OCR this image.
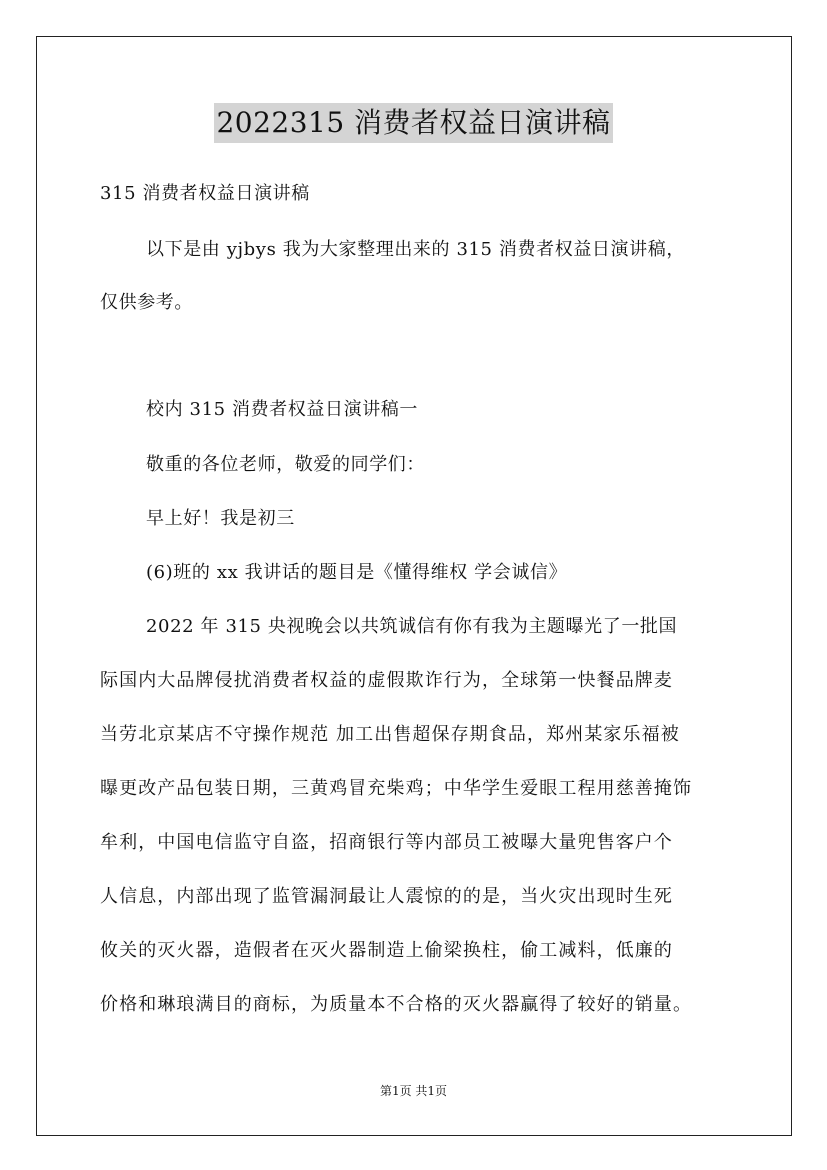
2022315 消费者权益日演讲稿
315 消费者权益日演讲稿
以下是由 yjbys 我为大家整理出来的 315 消费者权益日演讲稿，
仅供参考。
校内 315 消费者权益日演讲稿一
敬重的各位老师，敬爱的同学们：
早上好！我是初三
(6)班的 xx 我讲话的题目是《懂得维权 学会诚信》
2022 年 315 央视晚会以共筑诚信有你有我为主题曝光了一批国
际国内大品牌侵扰消费者权益的虚假欺诈行为，全球第一快餐品牌麦
当劳北京某店不守操作规范 加工出售超保存期食品，郑州某家乐福被
曝更改产品包装日期，三黄鸡冒充柴鸡；中华学生爱眼工程用慈善掩饰
牟利，中国电信监守自盗，招商银行等内部员工被曝大量兜售客户个
人信息，内部出现了监管漏洞最让人震惊的的是，当火灾出现时生死
攸关的灭火器，造假者在灭火器制造上偷梁换柱，偷工减料，低廉的
价格和琳琅满目的商标，为质量本不合格的灭火器赢得了较好的销量。
第1页 共1页
